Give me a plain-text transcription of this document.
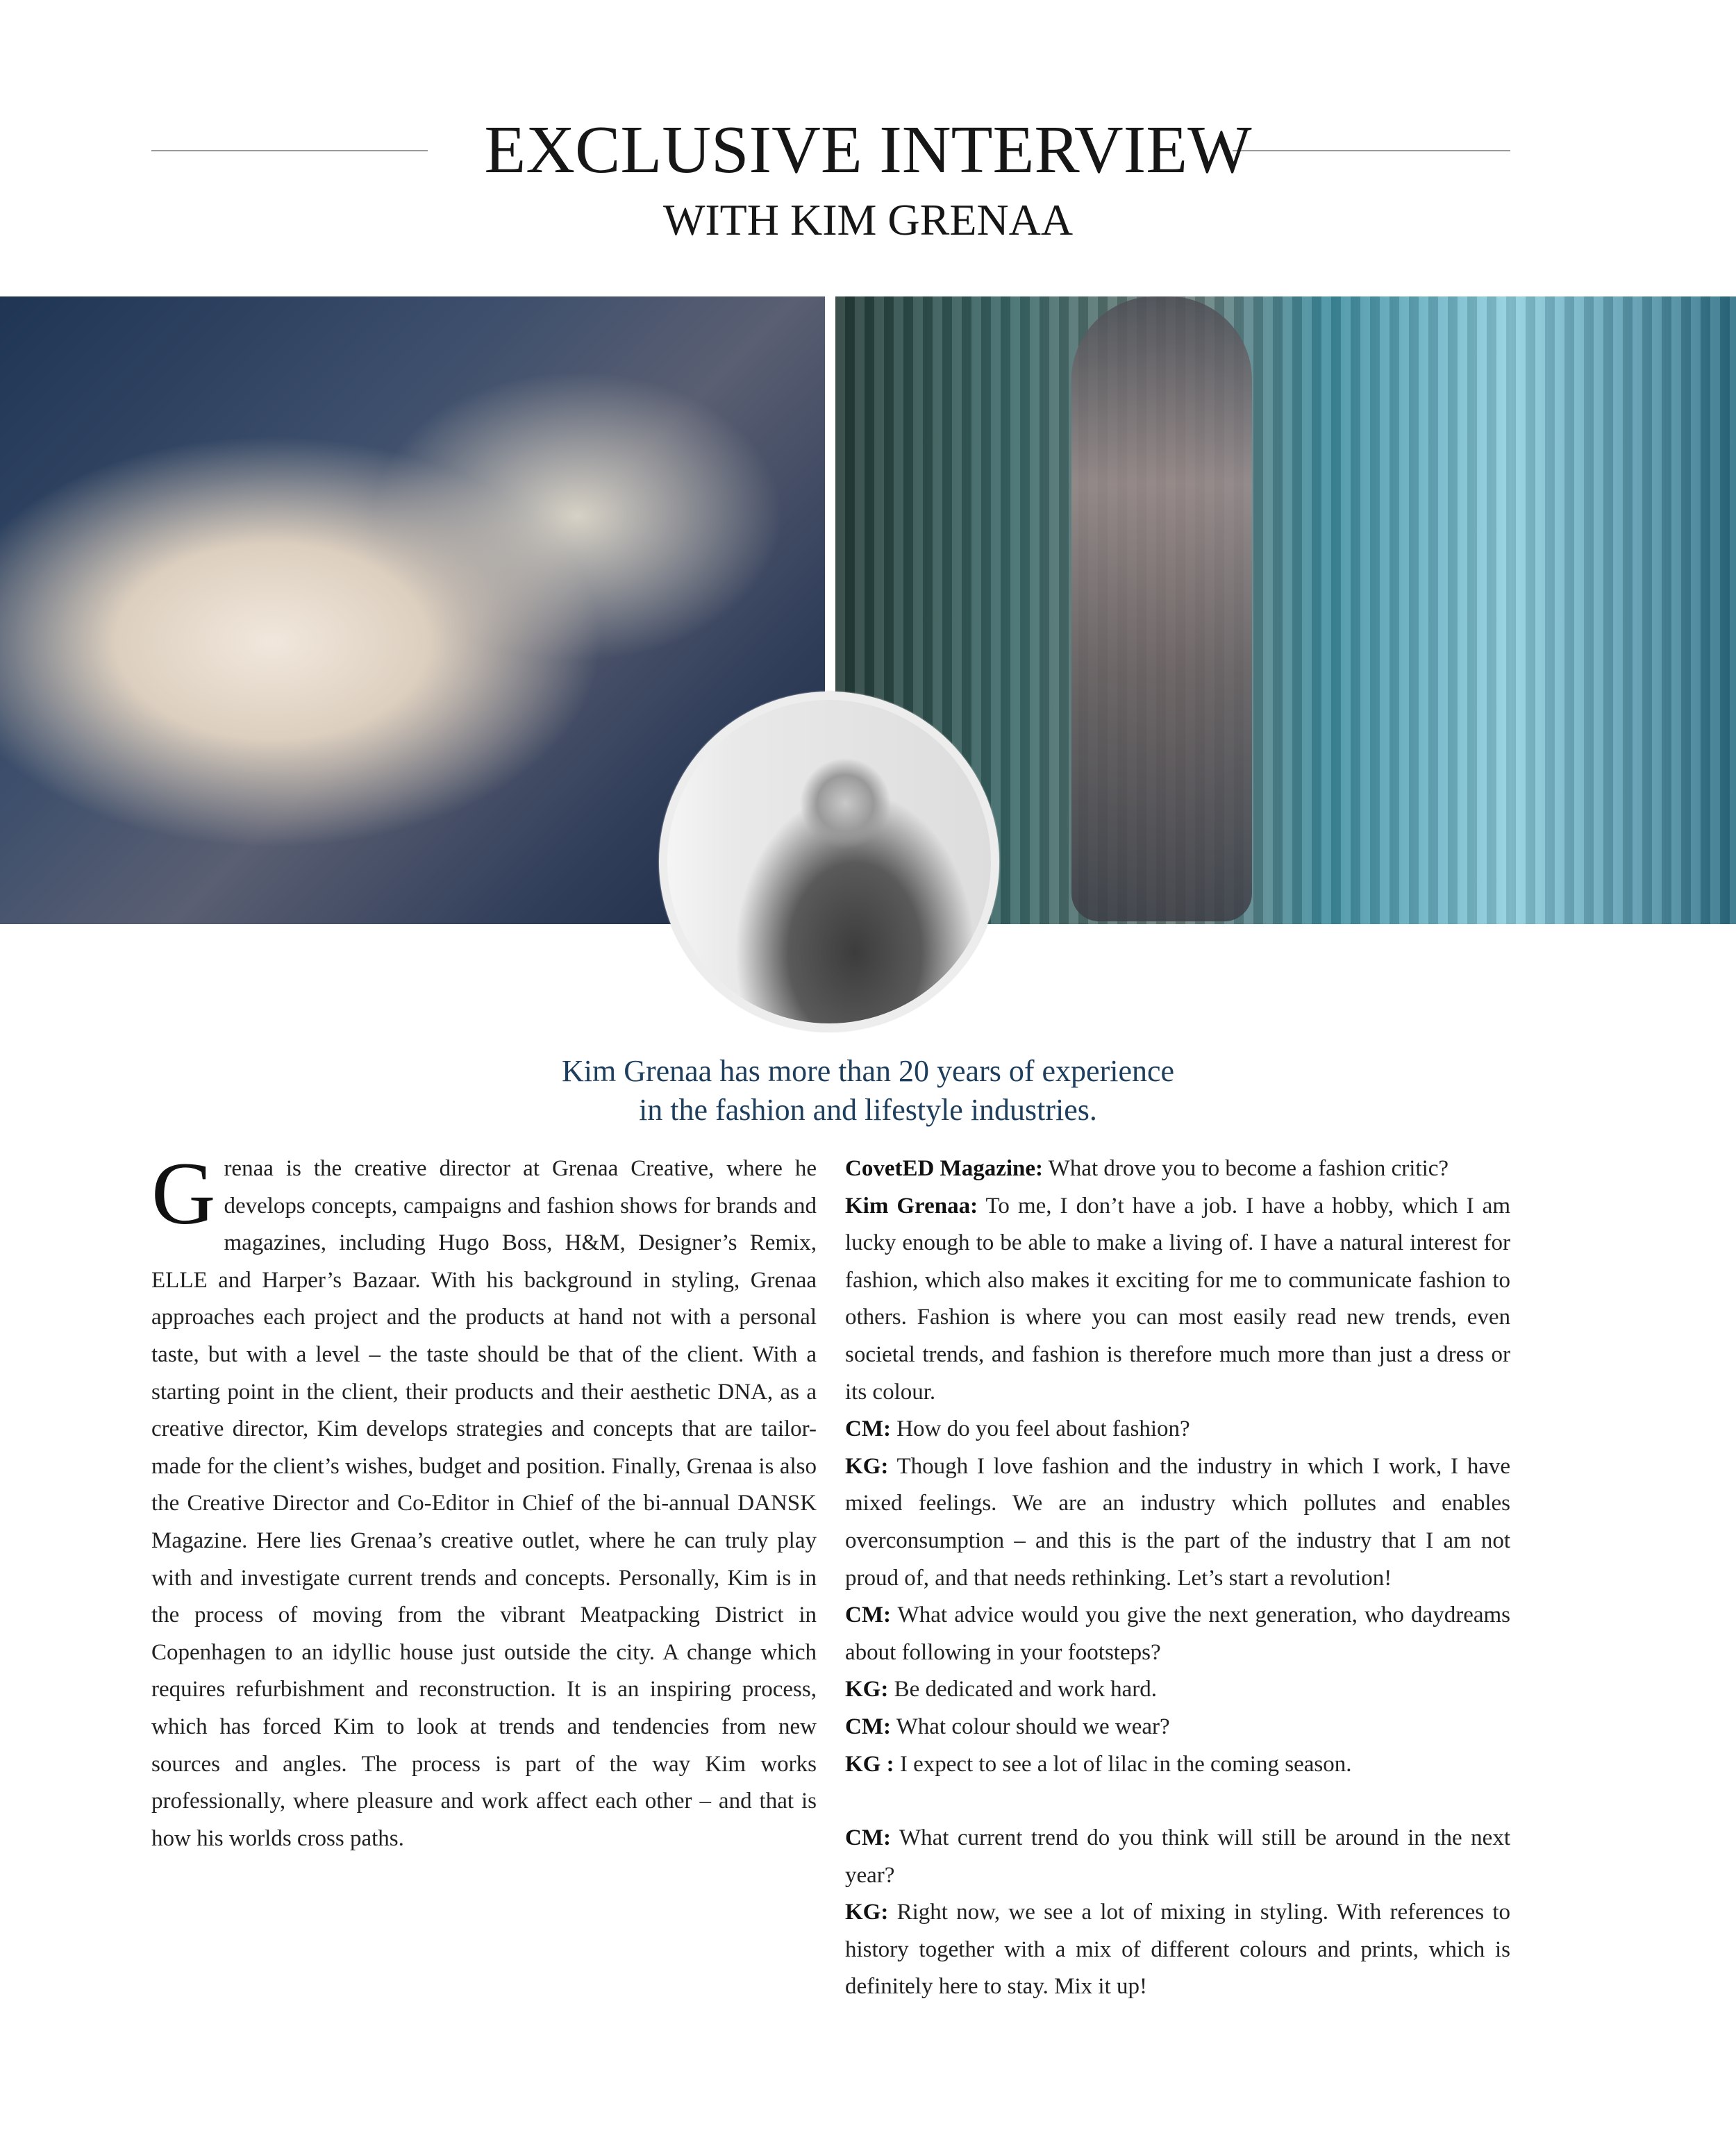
EXCLUSIVE INTERVIEW
WITH KIM GRENAA
Kim Grenaa has more than 20 years of experience
in the fashion and lifestyle industries.
Grenaa is the creative director at Grenaa Creative, where he develops concepts, campaigns and fashion shows for brands and magazines, including Hugo Boss, H&M, Designer’s Remix, ELLE and Harper’s Bazaar. With his background in styling, Grenaa approaches each project and the products at hand not with a personal taste, but with a level – the taste should be that of the client. With a starting point in the client, their products and their aesthetic DNA, as a creative director, Kim develops strategies and concepts that are tailor-made for the client’s wishes, budget and position. Finally, Grenaa is also the Creative Director and Co-Editor in Chief of the bi-annual DANSK Magazine. Here lies Grenaa’s creative outlet, where he can truly play with and investigate current trends and concepts. Personally, Kim is in the process of moving from the vibrant Meatpacking District in Copenhagen to an idyllic house just outside the city. A change which requires refurbishment and reconstruction. It is an inspiring process, which has forced Kim to look at trends and tendencies from new sources and angles. The process is part of the way Kim works professionally, where pleasure and work affect each other – and that is how his worlds cross paths.

CovetED Magazine: What drove you to become a fashion critic?

Kim Grenaa: To me, I don’t have a job. I have a hobby, which I am lucky enough to be able to make a living of. I have a natural interest for fashion, which also makes it exciting for me to communicate fashion to others. Fashion is where you can most easily read new trends, even societal trends, and fashion is therefore much more than just a dress or its colour.

CM: How do you feel about fashion?

KG: Though I love fashion and the industry in which I work, I have mixed feelings. We are an industry which pollutes and enables overconsumption – and this is the part of the industry that I am not proud of, and that needs rethinking. Let’s start a revolution!

CM: What advice would you give the next generation, who daydreams about following in your footsteps?

KG: Be dedicated and work hard.

CM: What colour should we wear?

KG : I expect to see a lot of lilac in the coming season.

CM: What current trend do you think will still be around in the next year?

KG: Right now, we see a lot of mixing in styling. With references to history together with a mix of different colours and prints, which is definitely here to stay. Mix it up!
